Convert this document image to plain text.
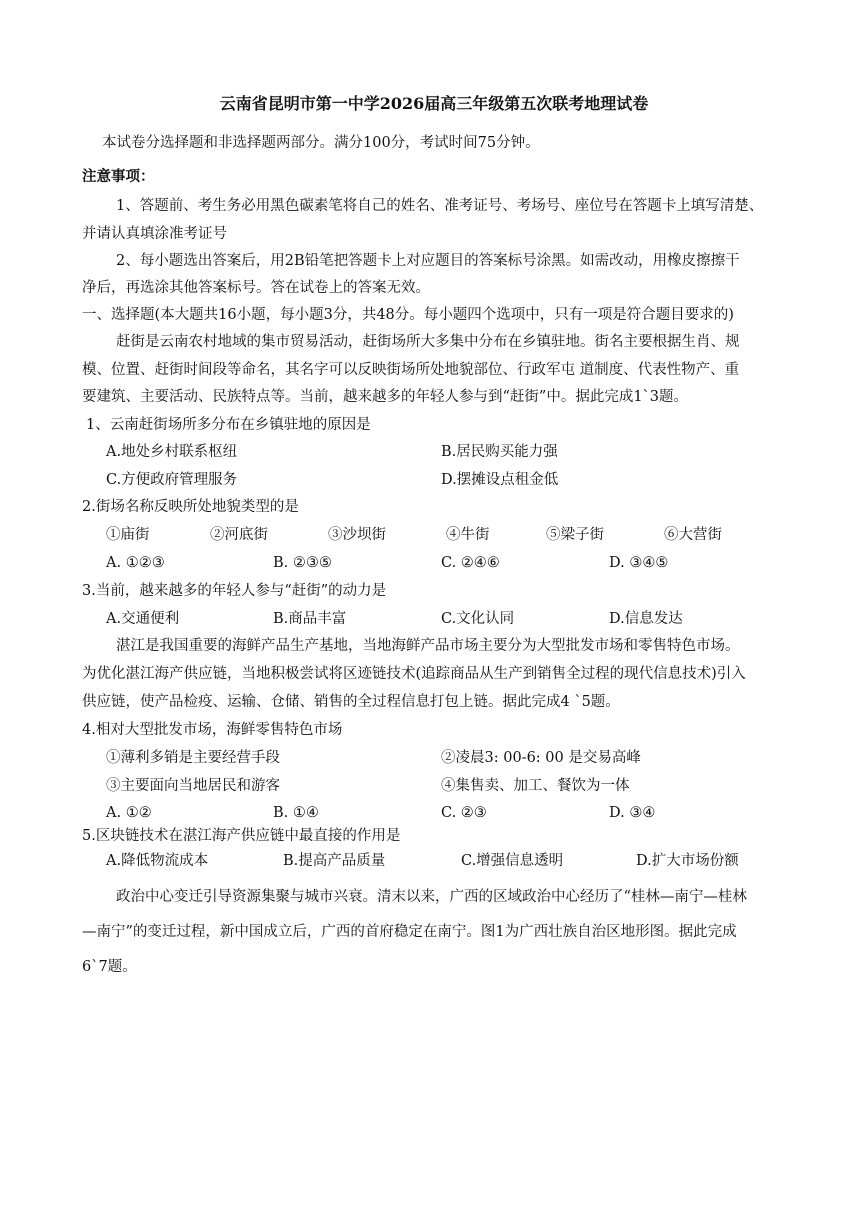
云南省昆明市第一中学2026届高三年级第五次联考地理试卷
本试卷分选择题和非选择题两部分。满分100分，考试时间75分钟。
注意事项：
1、答题前、考生务必用黑色碳素笔将自己的姓名、准考证号、考场号、座位号在答题卡上填写清楚、
并请认真填涂准考证号
2、每小题选出答案后，用2B铅笔把答题卡上对应题目的答案标号涂黑。如需改动，用橡皮擦擦干
净后，再选涂其他答案标号。答在试卷上的答案无效。
一、选择题(本大题共16小题，每小题3分，共48分。每小题四个选项中，只有一项是符合题目要求的)
赶街是云南农村地域的集市贸易活动，赶街场所大多集中分布在乡镇驻地。街名主要根据生肖、规
模、位置、赶街时间段等命名，其名字可以反映街场所处地貌部位、行政军屯 道制度、代表性物产、重
要建筑、主要活动、民族特点等。当前，越来越多的年轻人参与到“赶街”中。据此完成1`3题。
1、云南赶街场所多分布在乡镇驻地的原因是
A.地处乡村联系枢纽	B.居民购买能力强
C.方便政府管理服务	D.摆摊设点租金低
2.街场名称反映所处地貌类型的是
①庙街	②河底街	③沙坝街	④牛街	⑤梁子街	⑥大营街
A. ①②③	B. ②③⑤	C. ②④⑥	D. ③④⑤
3.当前，越来越多的年轻人参与“赶街”的动力是
A.交通便利	B.商品丰富	C.文化认同	D.信息发达
湛江是我国重要的海鲜产品生产基地，当地海鲜产品市场主要分为大型批发市场和零售特色市场。
为优化湛江海产供应链，当地积极尝试将区迹链技术(追踪商品从生产到销售全过程的现代信息技术)引入
供应链，使产品检疫、运输、仓储、销售的全过程信息打包上链。据此完成4 `5题。
4.相对大型批发市场，海鲜零售特色市场
①薄利多销是主要经营手段	②凌晨3: 00-6: 00 是交易高峰
③主要面向当地居民和游客	④集售卖、加工、餐饮为一体
A. ①②	B. ①④	C. ②③	D. ③④
5.区块链技术在湛江海产供应链中最直接的作用是
A.降低物流成本	B.提高产品质量	C.增强信息透明	D.扩大市场份额
政治中心变迁引导资源集聚与城市兴衰。清末以来，广西的区域政治中心经历了“桂林—南宁—桂林
—南宁”的变迁过程，新中国成立后，广西的首府稳定在南宁。图1为广西壮族自治区地形图。据此完成
6`7题。
